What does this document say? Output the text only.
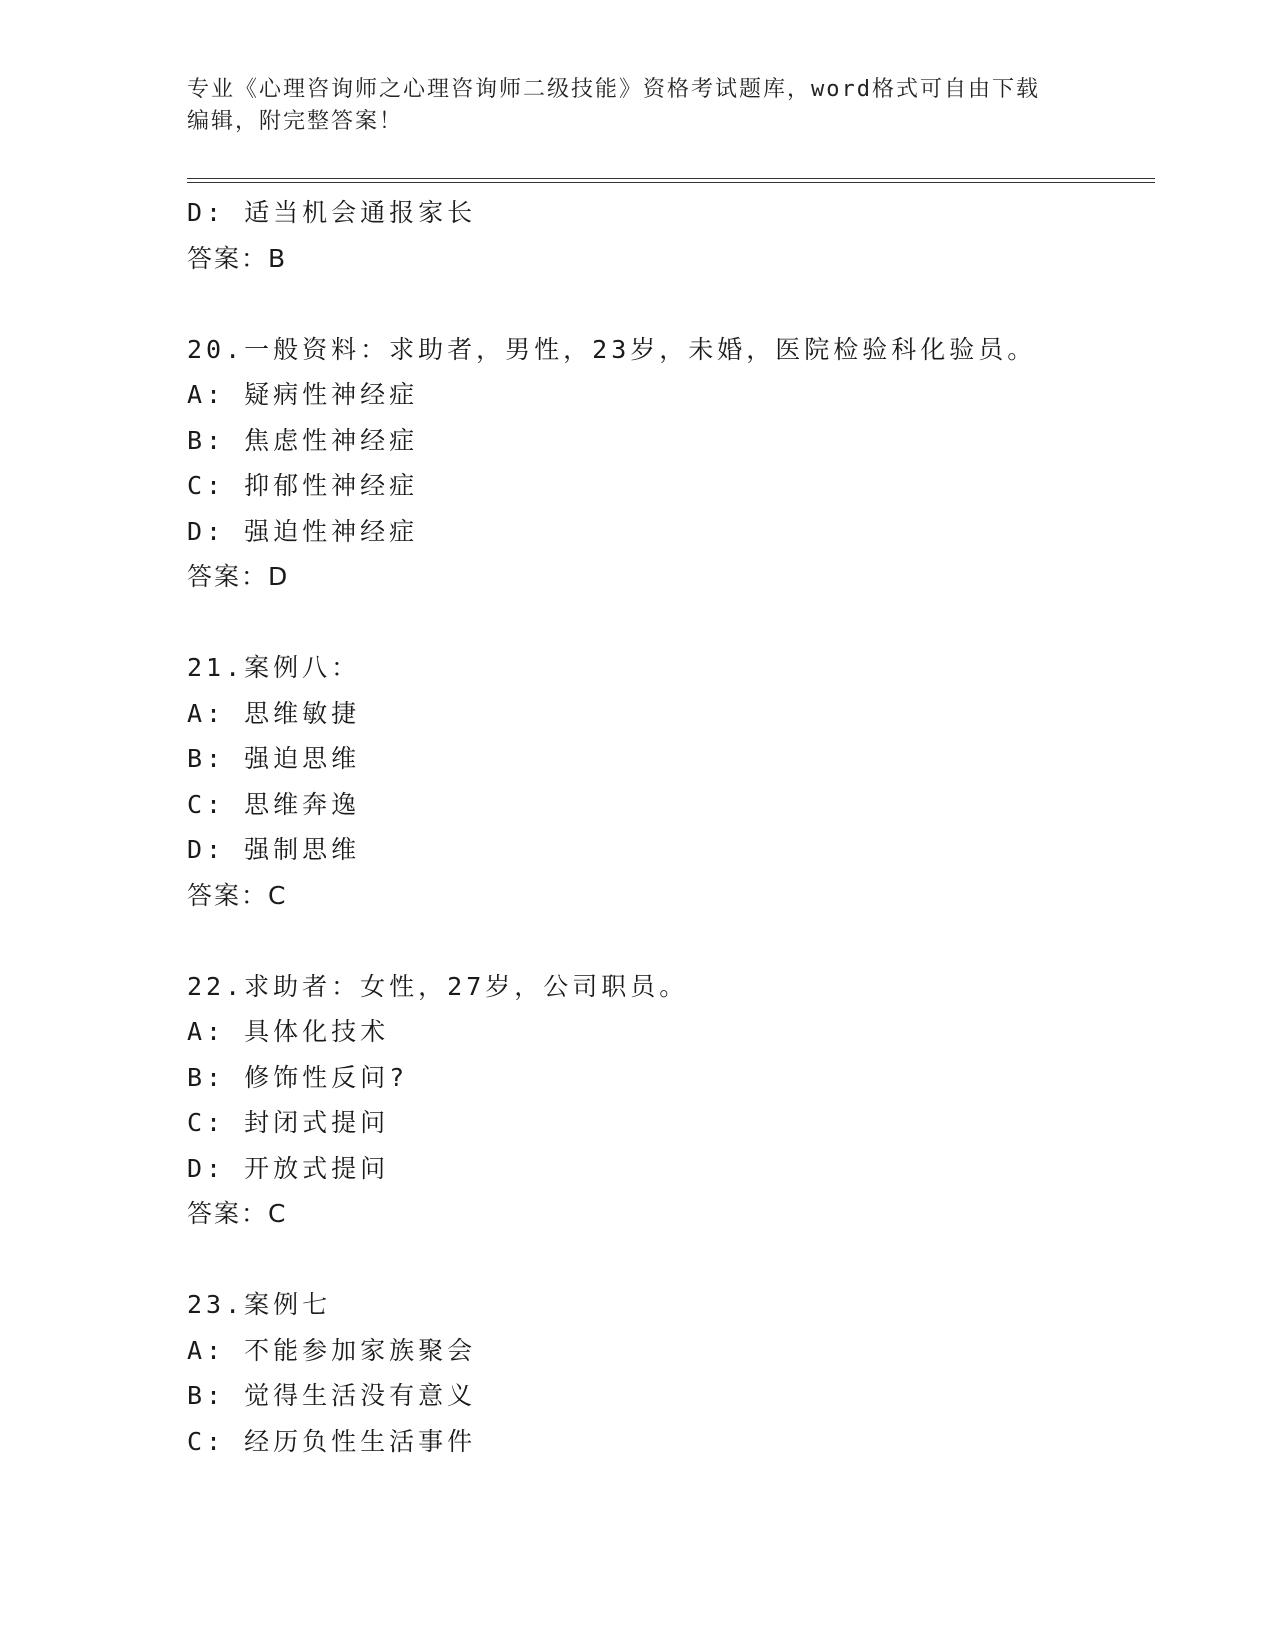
专业《心理咨询师之心理咨询师二级技能》资格考试题库，word格式可自由下载
编辑，附完整答案！
D: 适当机会通报家长
答案：B
20.一般资料：求助者，男性，23岁，未婚，医院检验科化验员。
A: 疑病性神经症
B: 焦虑性神经症
C: 抑郁性神经症
D: 强迫性神经症
答案：D
21.案例八：
A: 思维敏捷
B: 强迫思维
C: 思维奔逸
D: 强制思维
答案：C
22.求助者：女性，27岁，公司职员。
A: 具体化技术
B: 修饰性反问?
C: 封闭式提问
D: 开放式提问
答案：C
23.案例七
A: 不能参加家族聚会
B: 觉得生活没有意义
C: 经历负性生活事件
